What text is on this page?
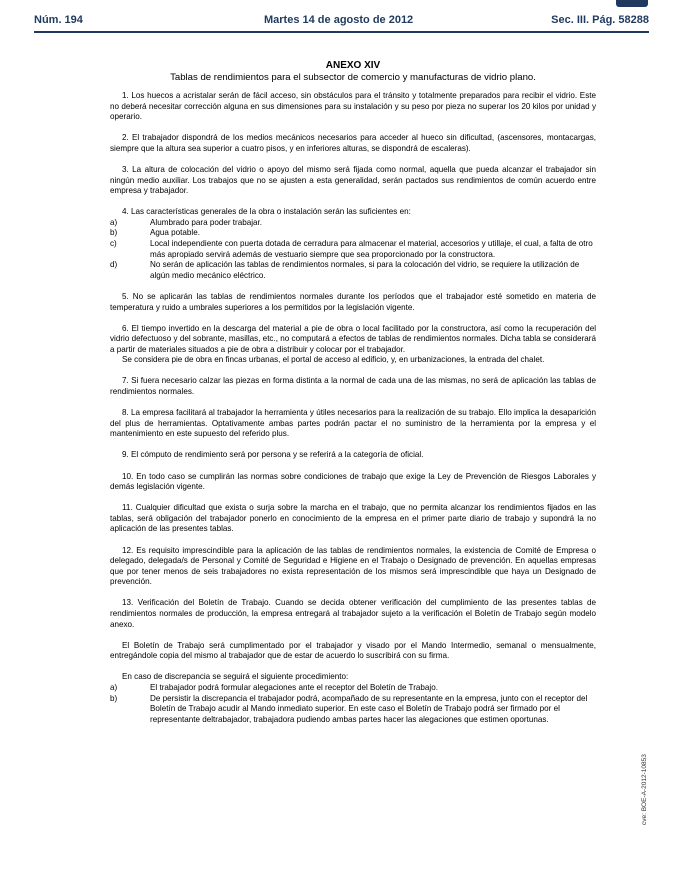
Núm. 194	Martes 14 de agosto de 2012	Sec. III. Pág. 58288
ANEXO XIV
Tablas de rendimientos para el subsector de comercio y manufacturas de vidrio plano.

1. Los huecos a acristalar serán de fácil acceso, sin obstáculos para el tránsito y totalmente preparados para recibir el vidrio. Este no deberá necesitar corrección alguna en sus dimensiones para su instalación y su peso por pieza no superar los 20 kilos por unidad y operario.

2. El trabajador dispondrá de los medios mecánicos necesarios para acceder al hueco sin dificultad, (ascensores, montacargas, siempre que la altura sea superior a cuatro pisos, y en inferiores alturas, se dispondrá de escaleras).

3. La altura de colocación del vidrio o apoyo del mismo será fijada como normal, aquella que pueda alcanzar el trabajador sin ningún medio auxiliar. Los trabajos que no se ajusten a esta generalidad, serán pactados sus rendimientos de común acuerdo entre empresa y trabajador.

4. Las características generales de la obra o instalación serán las suficientes en:

a)	Alumbrado para poder trabajar.
b)	Agua potable.
c)	Local independiente con puerta dotada de cerradura para almacenar el material, accesorios y utillaje, el cual, a falta de otro más apropiado servirá además de vestuario siempre que sea proporcionado por la constructora.
d)	No serán de aplicación las tablas de rendimientos normales, si para la colocación del vidrio, se requiere la utilización de algún medio mecánico eléctrico.

5. No se aplicarán las tablas de rendimientos normales durante los períodos que el trabajador esté sometido en materia de temperatura y ruido a umbrales superiores a los permitidos por la legislación vigente.

6. El tiempo invertido en la descarga del material a pie de obra o local facilitado por la constructora, así como la recuperación del vidrio defectuoso y del sobrante, masillas, etc., no computará a efectos de tablas de rendimientos normales. Dicha tabla se considerará a partir de materiales situados a pie de obra a distribuir y colocar por el trabajador.

Se considera pie de obra en fincas urbanas, el portal de acceso al edificio, y, en urbanizaciones, la entrada del chalet.

7. Si fuera necesario calzar las piezas en forma distinta a la normal de cada una de las mismas, no será de aplicación las tablas de rendimientos normales.

8. La empresa facilitará al trabajador la herramienta y útiles necesarios para la realización de su trabajo. Ello implica la desaparición del plus de herramientas. Optativamente ambas partes podrán pactar el no suministro de la herramienta por la empresa y el mantenimiento en este supuesto del referido plus.

9. El cómputo de rendimiento será por persona y se referirá a la categoría de oficial.

10. En todo caso se cumplirán las normas sobre condiciones de trabajo que exige la Ley de Prevención de Riesgos Laborales y demás legislación vigente.

11. Cualquier dificultad que exista o surja sobre la marcha en el trabajo, que no permita alcanzar los rendimientos fijados en las tablas, será obligación del trabajador ponerlo en conocimiento de la empresa en el primer parte diario de trabajo y supondrá la no aplicación de las presentes tablas.

12. Es requisito imprescindible para la aplicación de las tablas de rendimientos normales, la existencia de Comité de Empresa o delegado, delegada/s de Personal y Comité de Seguridad e Higiene en el Trabajo o Designado de prevención. En aquellas empresas que por tener menos de seis trabajadores no exista representación de los mismos será imprescindible que haya un Designado de prevención.

13. Verificación del Boletín de Trabajo. Cuando se decida obtener verificación del cumplimiento de las presentes tablas de rendimientos normales de producción, la empresa entregará al trabajador sujeto a la verificación el Boletín de Trabajo según modelo anexo.

El Boletín de Trabajo será cumplimentado por el trabajador y visado por el Mando Intermedio, semanal o mensualmente, entregándole copia del mismo al trabajador que de estar de acuerdo lo suscribirá con su firma.

En caso de discrepancia se seguirá el siguiente procedimiento:

a)	El trabajador podrá formular alegaciones ante el receptor del Boletín de Trabajo.
b)	De persistir la discrepancia el trabajador podrá, acompañado de su representante en la empresa, junto con el receptor del Boletín de Trabajo acudir al Mando inmediato superior. En este caso el Boletín de Trabajo podrá ser firmado por el representante deltrabajador, trabajadora pudiendo ambas partes hacer las alegaciones que estimen oportunas.
cve: BOE-A-2012-10853
